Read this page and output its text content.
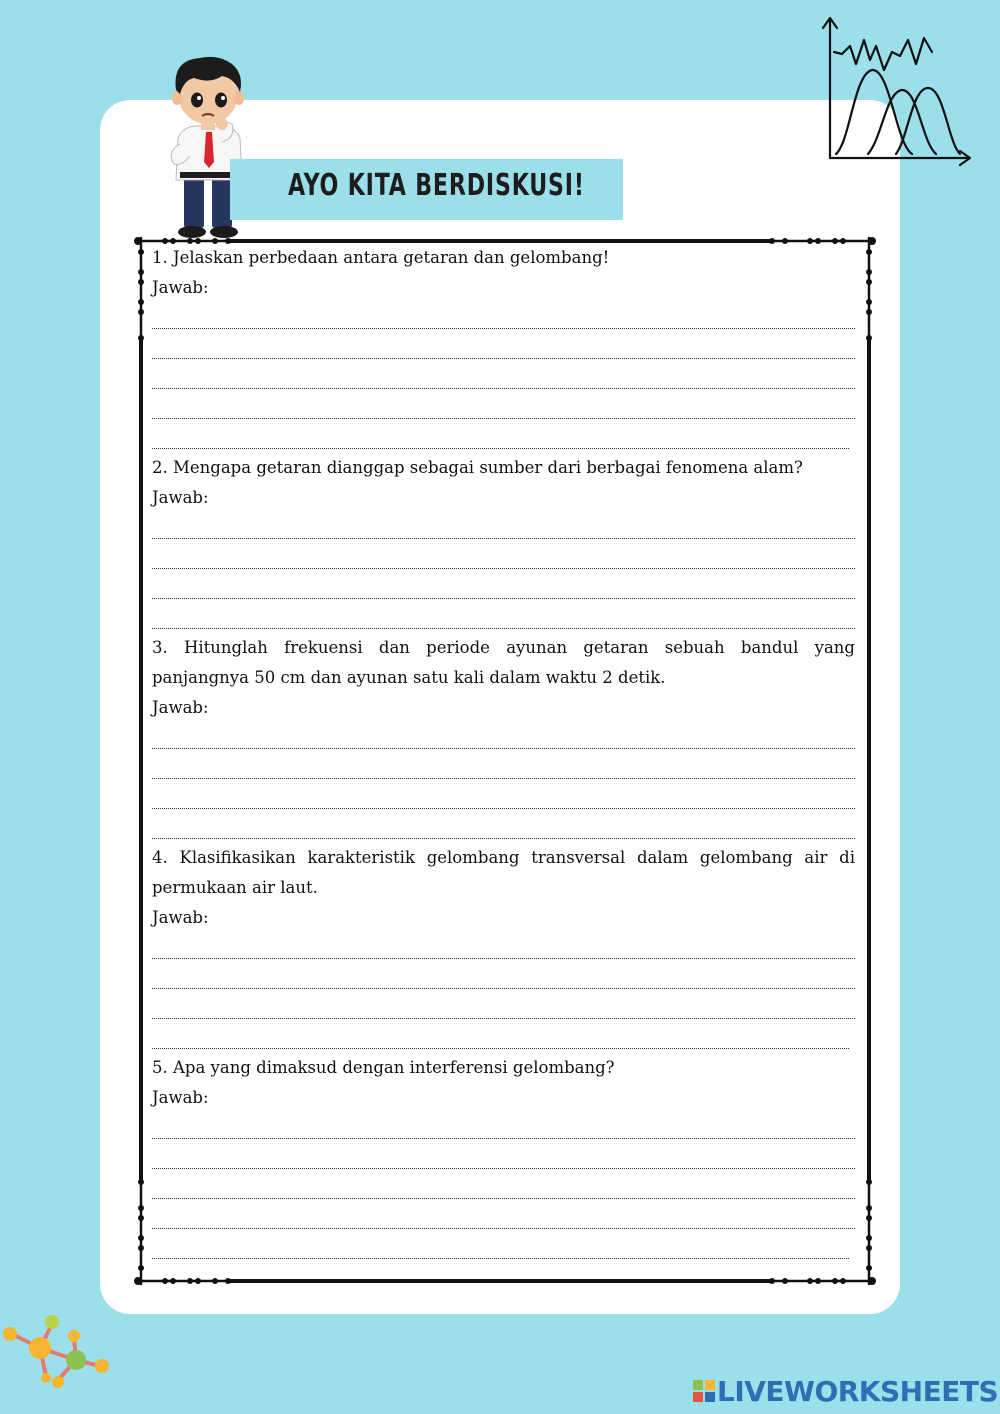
AYO KITA BERDISKUSI!

1. Jelaskan perbedaan antara getaran dan gelombang!

Jawab:

2. Mengapa getaran dianggap sebagai sumber dari berbagai fenomena alam?

Jawab:

3. Hitunglah frekuensi dan periode ayunan getaran sebuah bandul yang panjangnya 50 cm dan ayunan satu kali dalam waktu 2 detik.

Jawab:

4. Klasifikasikan karakteristik gelombang transversal dalam gelombang air di permukaan air laut.

Jawab:

5. Apa yang dimaksud dengan interferensi gelombang?

Jawab:

LIVEWORKSHEETS
